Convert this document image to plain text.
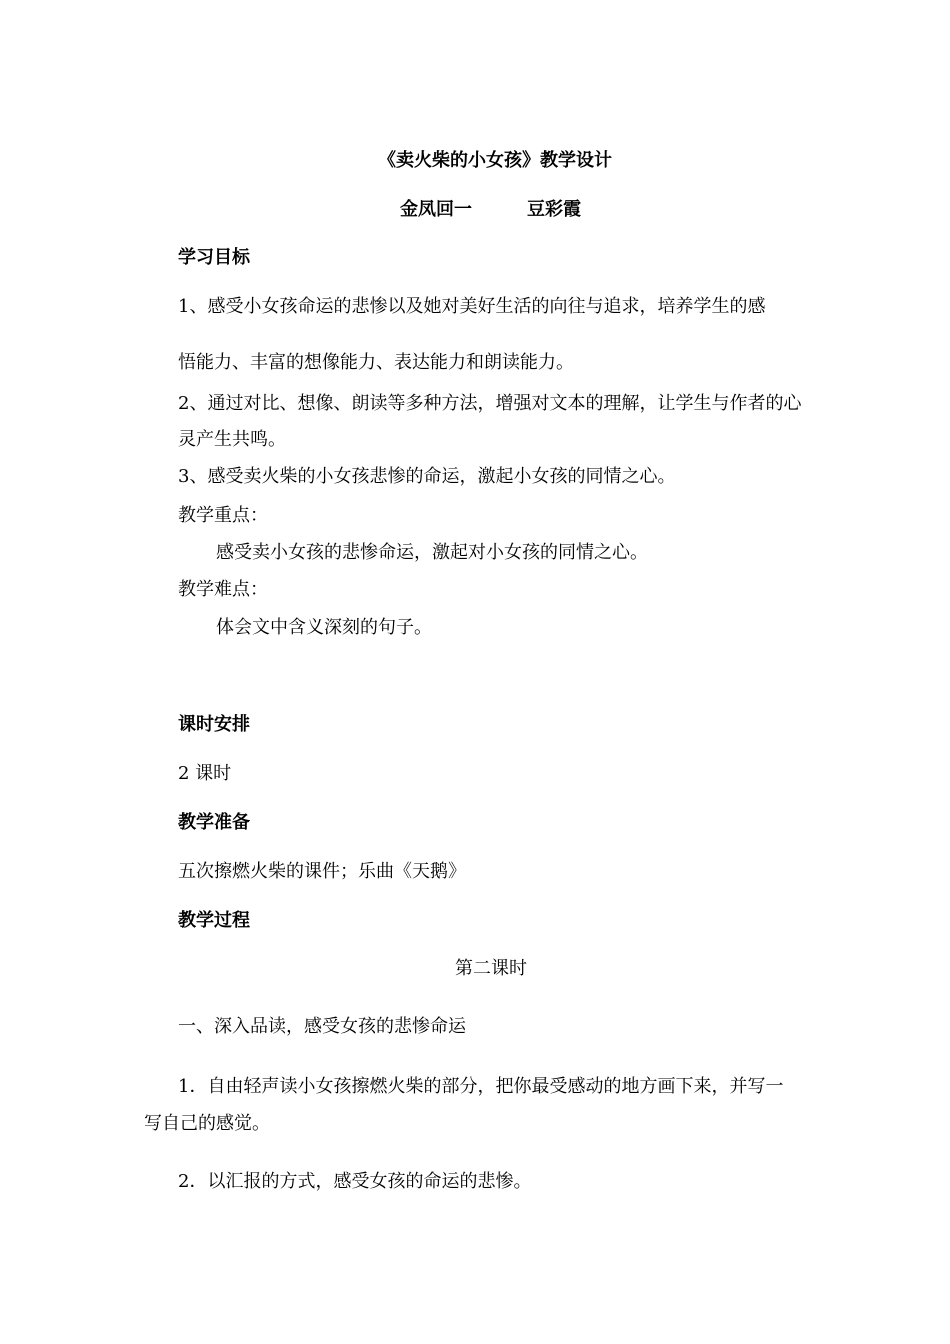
《卖火柴的小女孩》教学设计
金凤回一	豆彩霞
学习目标
1、感受小女孩命运的悲惨以及她对美好生活的向往与追求，培养学生的感
悟能力、丰富的想像能力、表达能力和朗读能力。
2、通过对比、想像、朗读等多种方法，增强对文本的理解，让学生与作者的心
灵产生共鸣。
3、感受卖火柴的小女孩悲惨的命运，激起小女孩的同情之心。
教学重点：
感受卖小女孩的悲惨命运，激起对小女孩的同情之心。
教学难点：
体会文中含义深刻的句子。
课时安排
2 课时
教学准备
五次擦燃火柴的课件；乐曲《天鹅》
教学过程
第二课时
一、深入品读，感受女孩的悲惨命运
1．自由轻声读小女孩擦燃火柴的部分，把你最受感动的地方画下来，并写一
写自己的感觉。
2．以汇报的方式，感受女孩的命运的悲惨。
